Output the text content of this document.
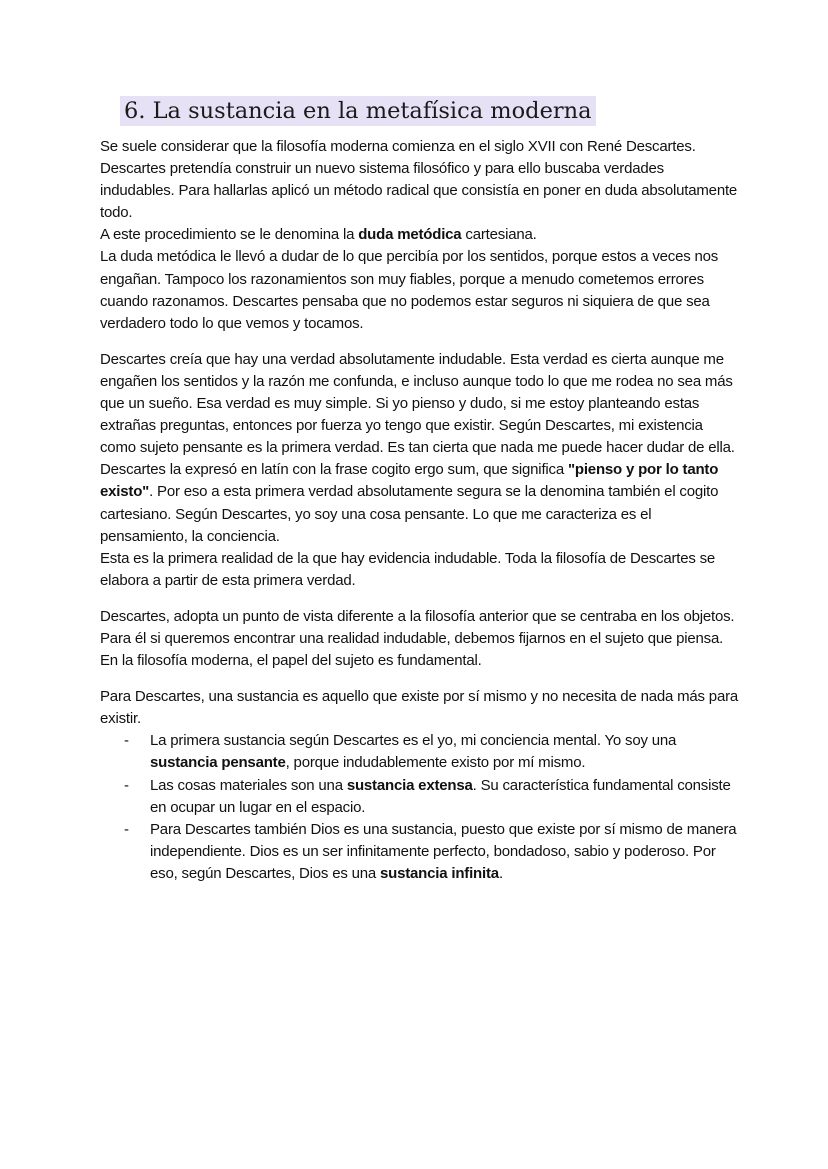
6. La sustancia en la metafísica moderna

Se suele considerar que la filosofía moderna comienza en el siglo XVII con René Descartes. Descartes pretendía construir un nuevo sistema filosófico y para ello buscaba verdades indudables. Para hallarlas aplicó un método radical que consistía en poner en duda absolutamente todo.

A este procedimiento se le denomina la duda metódica cartesiana.

La duda metódica le llevó a dudar de lo que percibía por los sentidos, porque estos a veces nos engañan. Tampoco los razonamientos son muy fiables, porque a menudo cometemos errores cuando razonamos. Descartes pensaba que no podemos estar seguros ni siquiera de que sea verdadero todo lo que vemos y tocamos.

Descartes creía que hay una verdad absolutamente indudable. Esta verdad es cierta aunque me engañen los sentidos y la razón me confunda, e incluso aunque todo lo que me rodea no sea más que un sueño. Esa verdad es muy simple. Si yo pienso y dudo, si me estoy planteando estas extrañas preguntas, entonces por fuerza yo tengo que existir. Según Descartes, mi existencia como sujeto pensante es la primera verdad. Es tan cierta que nada me puede hacer dudar de ella.

Descartes la expresó en latín con la frase cogito ergo sum, que significa "pienso y por lo tanto existo". Por eso a esta primera verdad absolutamente segura se la denomina también el cogito cartesiano. Según Descartes, yo soy una cosa pensante. Lo que me caracteriza es el pensamiento, la conciencia.

Esta es la primera realidad de la que hay evidencia indudable. Toda la filosofía de Descartes se elabora a partir de esta primera verdad.

Descartes, adopta un punto de vista diferente a la filosofía anterior que se centraba en los objetos. Para él si queremos encontrar una realidad indudable, debemos fijarnos en el sujeto que piensa. En la filosofía moderna, el papel del sujeto es fundamental.

Para Descartes, una sustancia es aquello que existe por sí mismo y no necesita de nada más para existir.

- La primera sustancia según Descartes es el yo, mi conciencia mental. Yo soy una sustancia pensante, porque indudablemente existo por mí mismo.
- Las cosas materiales son una sustancia extensa. Su característica fundamental consiste en ocupar un lugar en el espacio.
- Para Descartes también Dios es una sustancia, puesto que existe por sí mismo de manera independiente. Dios es un ser infinitamente perfecto, bondadoso, sabio y poderoso. Por eso, según Descartes, Dios es una sustancia infinita.
